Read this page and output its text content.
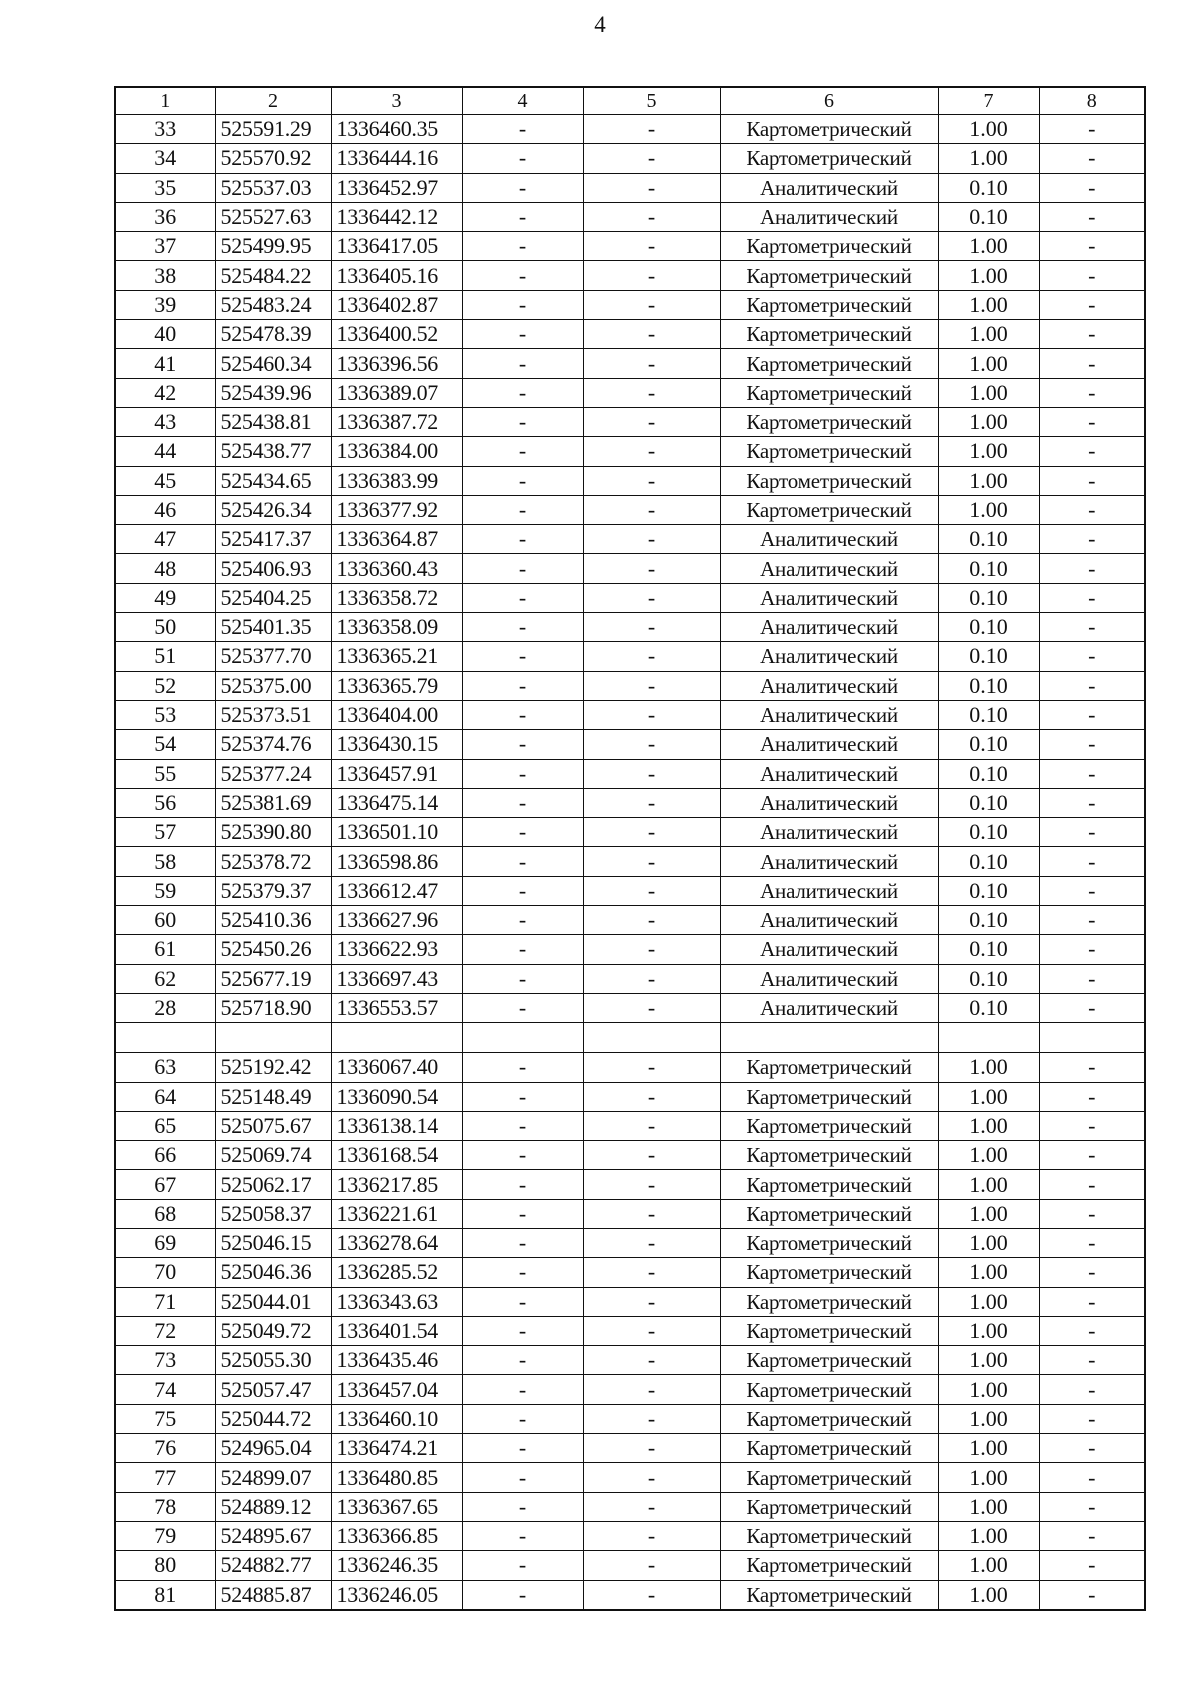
4
1	2	3	4	5	6	7	8
33	525591.29	1336460.35	-	-	Картометрический	1.00	-
34	525570.92	1336444.16	-	-	Картометрический	1.00	-
35	525537.03	1336452.97	-	-	Аналитический	0.10	-
36	525527.63	1336442.12	-	-	Аналитический	0.10	-
37	525499.95	1336417.05	-	-	Картометрический	1.00	-
38	525484.22	1336405.16	-	-	Картометрический	1.00	-
39	525483.24	1336402.87	-	-	Картометрический	1.00	-
40	525478.39	1336400.52	-	-	Картометрический	1.00	-
41	525460.34	1336396.56	-	-	Картометрический	1.00	-
42	525439.96	1336389.07	-	-	Картометрический	1.00	-
43	525438.81	1336387.72	-	-	Картометрический	1.00	-
44	525438.77	1336384.00	-	-	Картометрический	1.00	-
45	525434.65	1336383.99	-	-	Картометрический	1.00	-
46	525426.34	1336377.92	-	-	Картометрический	1.00	-
47	525417.37	1336364.87	-	-	Аналитический	0.10	-
48	525406.93	1336360.43	-	-	Аналитический	0.10	-
49	525404.25	1336358.72	-	-	Аналитический	0.10	-
50	525401.35	1336358.09	-	-	Аналитический	0.10	-
51	525377.70	1336365.21	-	-	Аналитический	0.10	-
52	525375.00	1336365.79	-	-	Аналитический	0.10	-
53	525373.51	1336404.00	-	-	Аналитический	0.10	-
54	525374.76	1336430.15	-	-	Аналитический	0.10	-
55	525377.24	1336457.91	-	-	Аналитический	0.10	-
56	525381.69	1336475.14	-	-	Аналитический	0.10	-
57	525390.80	1336501.10	-	-	Аналитический	0.10	-
58	525378.72	1336598.86	-	-	Аналитический	0.10	-
59	525379.37	1336612.47	-	-	Аналитический	0.10	-
60	525410.36	1336627.96	-	-	Аналитический	0.10	-
61	525450.26	1336622.93	-	-	Аналитический	0.10	-
62	525677.19	1336697.43	-	-	Аналитический	0.10	-
28	525718.90	1336553.57	-	-	Аналитический	0.10	-

63	525192.42	1336067.40	-	-	Картометрический	1.00	-
64	525148.49	1336090.54	-	-	Картометрический	1.00	-
65	525075.67	1336138.14	-	-	Картометрический	1.00	-
66	525069.74	1336168.54	-	-	Картометрический	1.00	-
67	525062.17	1336217.85	-	-	Картометрический	1.00	-
68	525058.37	1336221.61	-	-	Картометрический	1.00	-
69	525046.15	1336278.64	-	-	Картометрический	1.00	-
70	525046.36	1336285.52	-	-	Картометрический	1.00	-
71	525044.01	1336343.63	-	-	Картометрический	1.00	-
72	525049.72	1336401.54	-	-	Картометрический	1.00	-
73	525055.30	1336435.46	-	-	Картометрический	1.00	-
74	525057.47	1336457.04	-	-	Картометрический	1.00	-
75	525044.72	1336460.10	-	-	Картометрический	1.00	-
76	524965.04	1336474.21	-	-	Картометрический	1.00	-
77	524899.07	1336480.85	-	-	Картометрический	1.00	-
78	524889.12	1336367.65	-	-	Картометрический	1.00	-
79	524895.67	1336366.85	-	-	Картометрический	1.00	-
80	524882.77	1336246.35	-	-	Картометрический	1.00	-
81	524885.87	1336246.05	-	-	Картометрический	1.00	-
